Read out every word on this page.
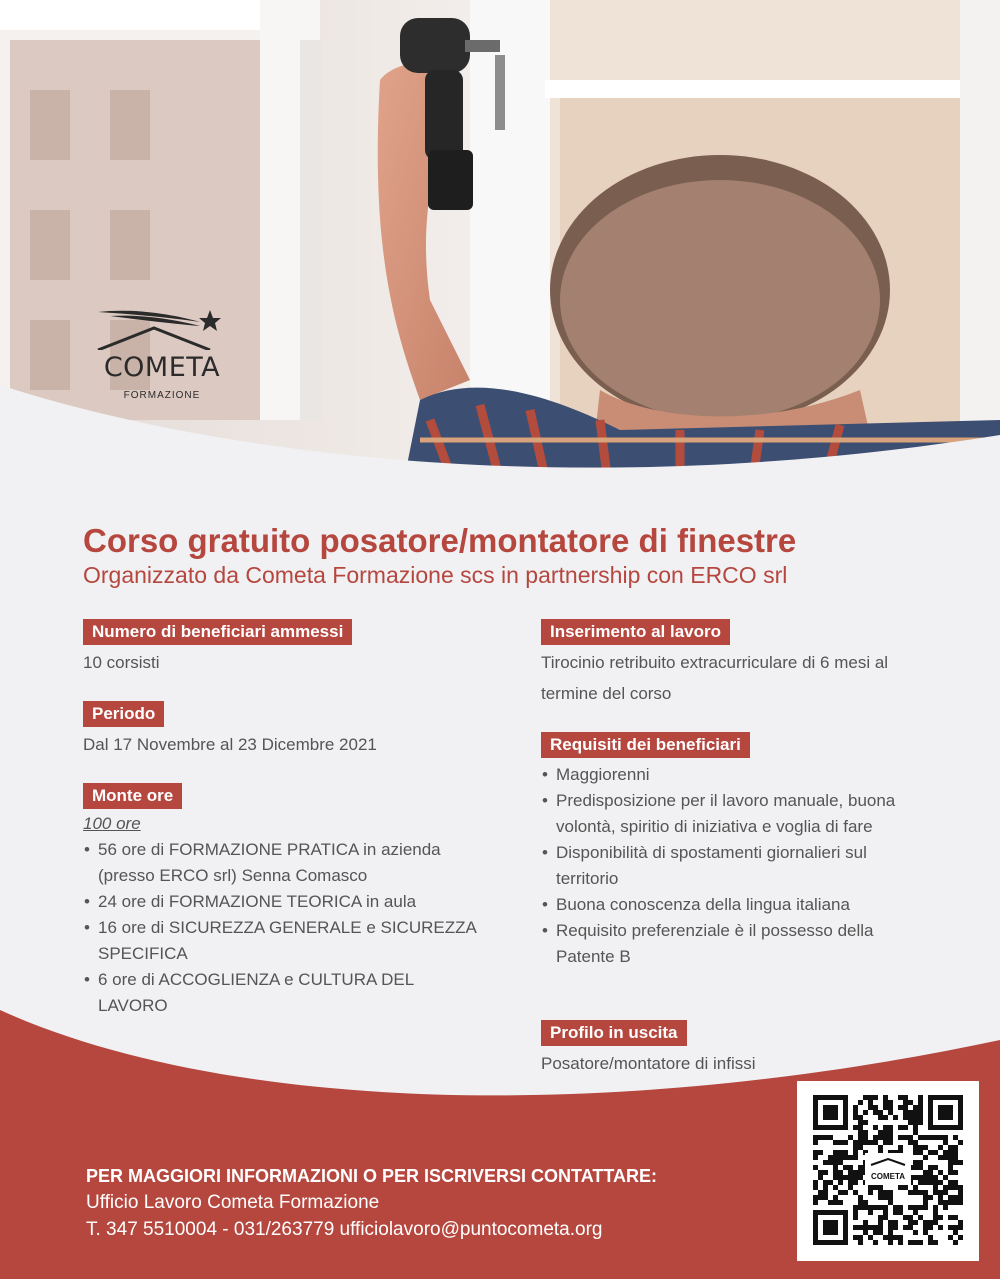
COMETA
FORMAZIONE
Corso gratuito posatore/montatore di finestre
Organizzato da Cometa Formazione scs in partnership con ERCO srl
Numero di beneficiari ammessi
10 corsisti
Periodo
Dal 17 Novembre al 23 Dicembre 2021
Monte ore
100 ore
• 56 ore di FORMAZIONE PRATICA in azienda (presso ERCO srl) Senna Comasco
• 24 ore di FORMAZIONE TEORICA in aula
• 16 ore di SICUREZZA GENERALE e SICUREZZA SPECIFICA
• 6 ore di ACCOGLIENZA e CULTURA DEL LAVORO
Inserimento al lavoro
Tirocinio retribuito extracurriculare di 6 mesi al termine del corso
Requisiti dei beneficiari
• Maggiorenni
• Predisposizione per il lavoro manuale, buona volontà, spiritio di iniziativa e voglia di fare
• Disponibilità di spostamenti giornalieri sul territorio
• Buona conoscenza della lingua italiana
• Requisito preferenziale è il possesso della Patente B
Profilo in uscita
Posatore/montatore di infissi
PER MAGGIORI INFORMAZIONI O PER ISCRIVERSI CONTATTARE:
Ufficio Lavoro Cometa Formazione
T. 347 5510004 - 031/263779 ufficiolavoro@puntocometa.org
COMETA
